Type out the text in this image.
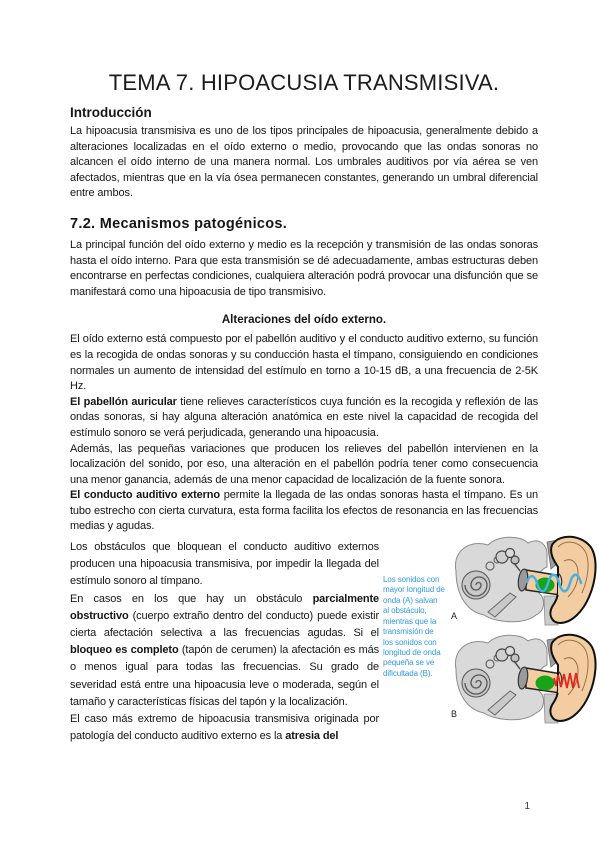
TEMA 7. HIPOACUSIA TRANSMISIVA.
Introducción

La hipoacusia transmisiva es uno de los tipos principales de hipoacusia, generalmente debido a alteraciones localizadas en el oído externo o medio, provocando que las ondas sonoras no alcancen el oído interno de una manera normal. Los umbrales auditivos por vía aérea se ven afectados, mientras que en la vía ósea permanecen constantes, generando un umbral diferencial entre ambos.

7.2. Mecanismos patogénicos.

La principal función del oído externo y medio es la recepción y transmisión de las ondas sonoras hasta el oído interno. Para que esta transmisión se dé adecuadamente, ambas estructuras deben encontrarse en perfectas condiciones, cualquiera alteración podrá provocar una disfunción que se manifestará como una hipoacusia de tipo transmisivo.

Alteraciones del oído externo.

El oído externo está compuesto por el pabellón auditivo y el conducto auditivo externo, su función es la recogida de ondas sonoras y su conducción hasta el tímpano, consiguiendo en condiciones normales un aumento de intensidad del estímulo en torno a 10-15 dB, a una frecuencia de 2-5K Hz.

El pabellón auricular tiene relieves característicos cuya función es la recogida y reflexión de las ondas sonoras, si hay alguna alteración anatómica en este nivel la capacidad de recogida del estímulo sonoro se verá perjudicada, generando una hipoacusia.

Además, las pequeñas variaciones que producen los relieves del pabellón intervienen en la localización del sonido, por eso, una alteración en el pabellón podría tener como consecuencia una menor ganancia, además de una menor capacidad de localización de la fuente sonora.

El conducto auditivo externo permite la llegada de las ondas sonoras hasta el tímpano. Es un tubo estrecho con cierta curvatura, esta forma facilita los efectos de resonancia en las frecuencias medias y agudas.

Los obstáculos que bloquean el conducto auditivo externos producen una hipoacusia transmisiva, por impedir la llegada del estímulo sonoro al tímpano.

En casos en los que hay un obstáculo parcialmente obstructivo (cuerpo extraño dentro del conducto) puede existir cierta afectación selectiva a las frecuencias agudas. Si el bloqueo es completo (tapón de cerumen) la afectación es más o menos igual para todas las frecuencias. Su grado de severidad está entre una hipoacusia leve o moderada, según el tamaño y características físicas del tapón y la localización.

El caso más extremo de hipoacusia transmisiva originada por patología del conducto auditivo externo es la atresia del

Los sonidos con mayor longitud de onda (A) salvan al obstáculo, mientras que la transmisión de los sonidos con longitud de onda pequeña se ve dificultada (B).
A
B
1
